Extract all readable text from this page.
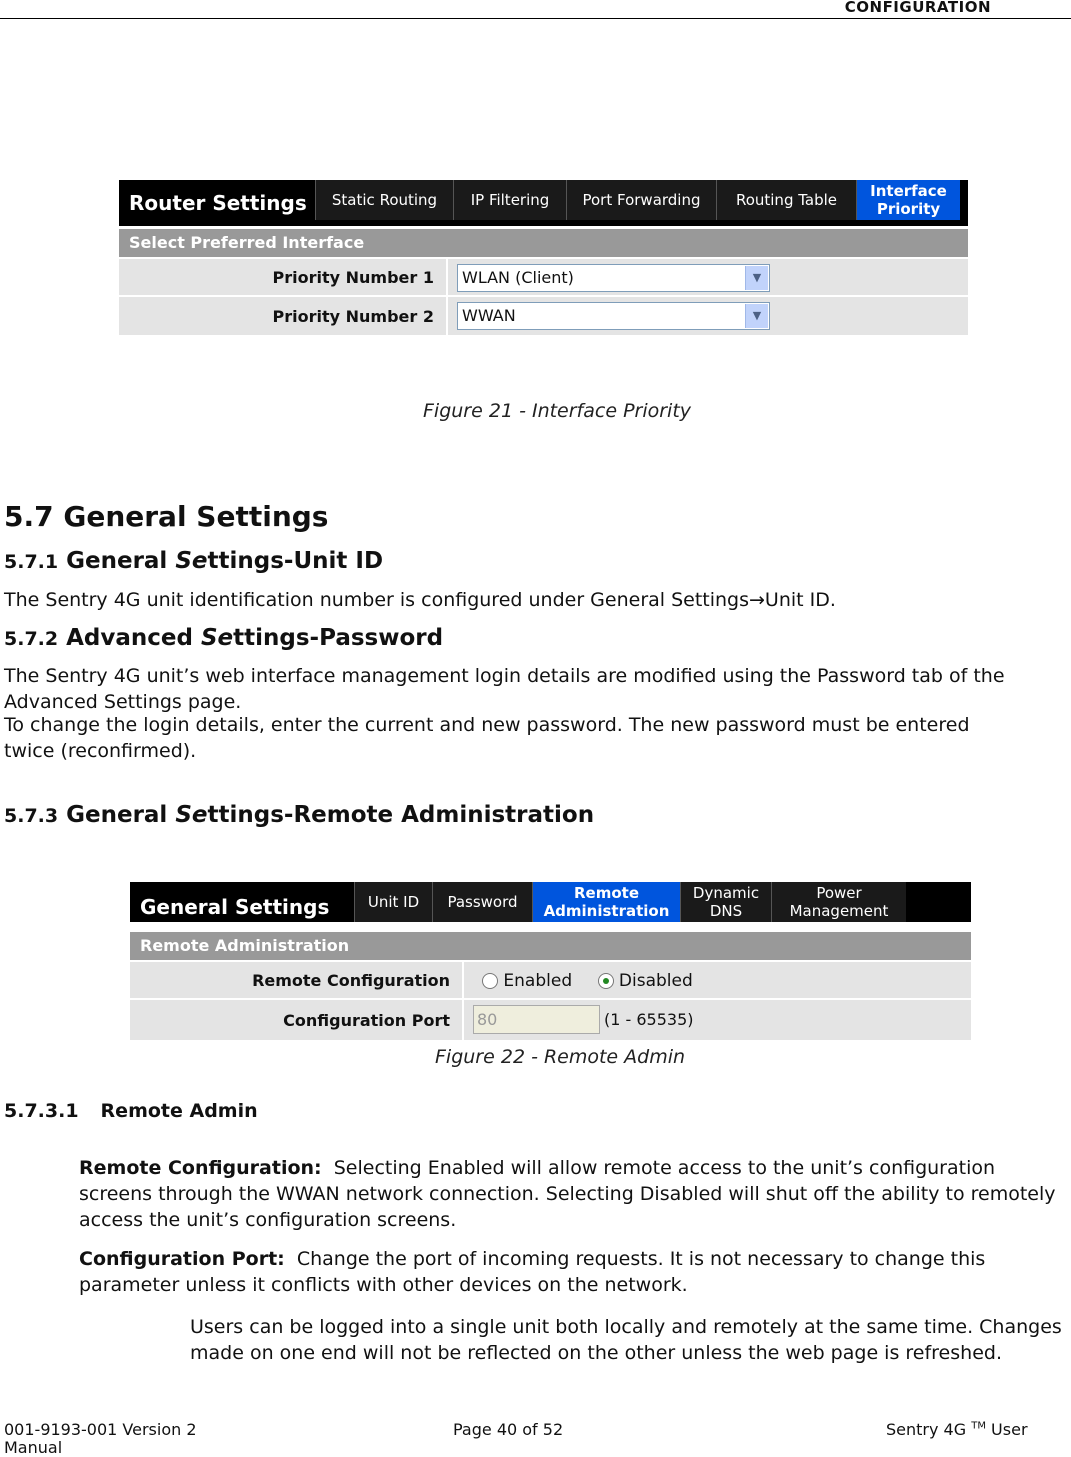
CONFIGURATION
Router Settings	Static Routing	IP Filtering	Port Forwarding	Routing Table	Interface
Priority
Select Preferred Interface
Priority Number 1	WLAN (Client)	▼
Priority Number 2	WWAN	▼
Figure 21 - Interface Priority
5.7 General Settings
5.7.1 General Settings-Unit ID
The Sentry 4G unit identification number is configured under General Settings→Unit ID.
5.7.2 Advanced Settings-Password
The Sentry 4G unit’s web interface management login details are modified using the Password tab of the Advanced Settings page.
To change the login details, enter the current and new password. The new password must be entered twice (reconfirmed).
5.7.3 General Settings-Remote Administration
General Settings	Unit ID	Password	Remote
Administration
Dynamic
DNS
Power
Management
Remote Administration
Remote Configuration	Enabled	Disabled
Configuration Port	80	(1 - 65535)
Figure 22 - Remote Admin
5.7.3.1 Remote Admin
Remote Configuration:  Selecting Enabled will allow remote access to the unit’s configuration screens through the WWAN network connection. Selecting Disabled will shut off the ability to remotely access the unit’s configuration screens.
Configuration Port:  Change the port of incoming requests. It is not necessary to change this parameter unless it conflicts with other devices on the network.
Users can be logged into a single unit both locally and remotely at the same time. Changes made on one end will not be reflected on the other unless the web page is refreshed.
001-9193-001 Version 2	Page 40 of 52	Sentry 4G ™ User
Manual
